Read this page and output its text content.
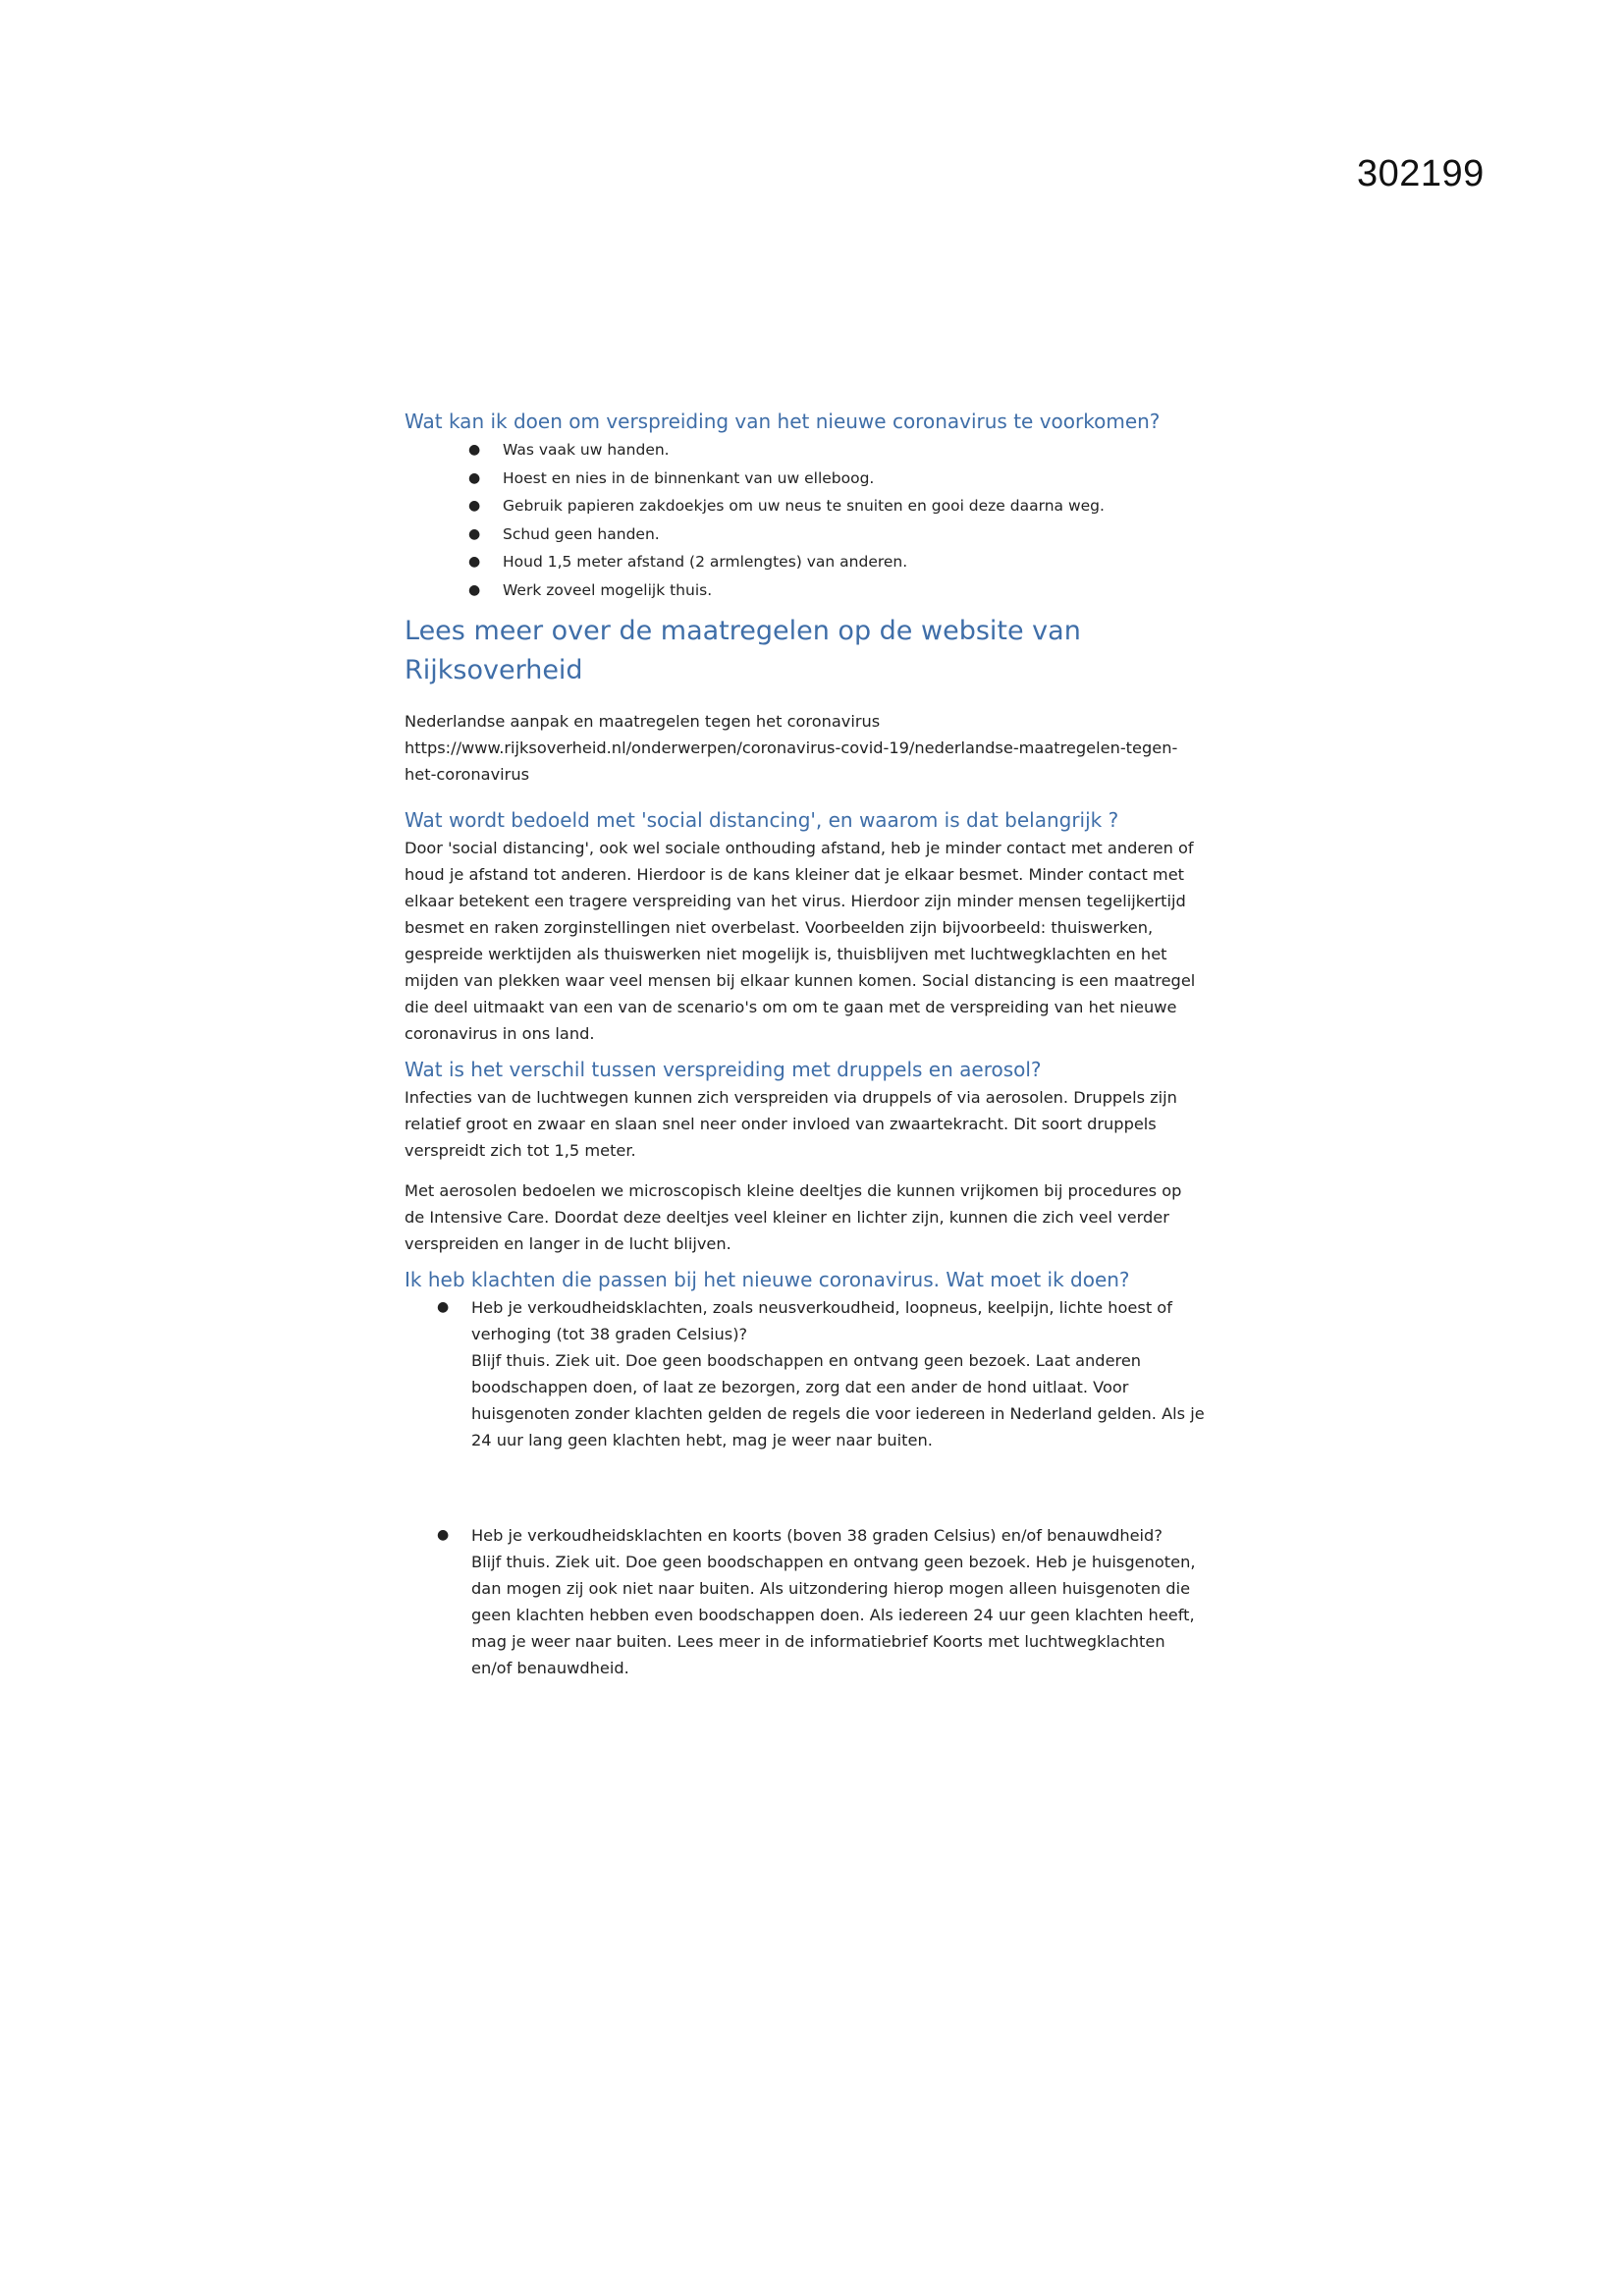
302199
Wat kan ik doen om verspreiding van het nieuwe coronavirus te voorkomen?
● Was vaak uw handen.
● Hoest en nies in de binnenkant van uw elleboog.
● Gebruik papieren zakdoekjes om uw neus te snuiten en gooi deze daarna weg.
● Schud geen handen.
● Houd 1,5 meter afstand (2 armlengtes) van anderen.
● Werk zoveel mogelijk thuis.
Lees meer over de maatregelen op de website van Rijksoverheid

Nederlandse aanpak en maatregelen tegen het coronavirus

https://www.rijksoverheid.nl/onderwerpen/coronavirus-covid-19/nederlandse-maatregelen-tegen-
het-coronavirus

Wat wordt bedoeld met 'social distancing', en waarom is dat belangrijk ?

Door 'social distancing', ook wel sociale onthouding afstand, heb je minder contact met anderen of
houd je afstand tot anderen. Hierdoor is de kans kleiner dat je elkaar besmet. Minder contact met
elkaar betekent een tragere verspreiding van het virus. Hierdoor zijn minder mensen tegelijkertijd
besmet en raken zorginstellingen niet overbelast. Voorbeelden zijn bijvoorbeeld: thuiswerken,
gespreide werktijden als thuiswerken niet mogelijk is, thuisblijven met luchtwegklachten en het
mijden van plekken waar veel mensen bij elkaar kunnen komen. Social distancing is een maatregel
die deel uitmaakt van een van de scenario's om om te gaan met de verspreiding van het nieuwe
coronavirus in ons land.

Wat is het verschil tussen verspreiding met druppels en aerosol?

Infecties van de luchtwegen kunnen zich verspreiden via druppels of via aerosolen. Druppels zijn
relatief groot en zwaar en slaan snel neer onder invloed van zwaartekracht. Dit soort druppels
verspreidt zich tot 1,5 meter.

Met aerosolen bedoelen we microscopisch kleine deeltjes die kunnen vrijkomen bij procedures op
de Intensive Care. Doordat deze deeltjes veel kleiner en lichter zijn, kunnen die zich veel verder
verspreiden en langer in de lucht blijven.

Ik heb klachten die passen bij het nieuwe coronavirus. Wat moet ik doen?
● Heb je verkoudheidsklachten, zoals neusverkoudheid, loopneus, keelpijn, lichte hoest of
verhoging (tot 38 graden Celsius)?
Blijf thuis. Ziek uit. Doe geen boodschappen en ontvang geen bezoek. Laat anderen
boodschappen doen, of laat ze bezorgen, zorg dat een ander de hond uitlaat. Voor
huisgenoten zonder klachten gelden de regels die voor iedereen in Nederland gelden. Als je
24 uur lang geen klachten hebt, mag je weer naar buiten.
● Heb je verkoudheidsklachten en koorts (boven 38 graden Celsius) en/of benauwdheid?
Blijf thuis. Ziek uit. Doe geen boodschappen en ontvang geen bezoek. Heb je huisgenoten,
dan mogen zij ook niet naar buiten. Als uitzondering hierop mogen alleen huisgenoten die
geen klachten hebben even boodschappen doen. Als iedereen 24 uur geen klachten heeft,
mag je weer naar buiten. Lees meer in de informatiebrief Koorts met luchtwegklachten
en/of benauwdheid.
